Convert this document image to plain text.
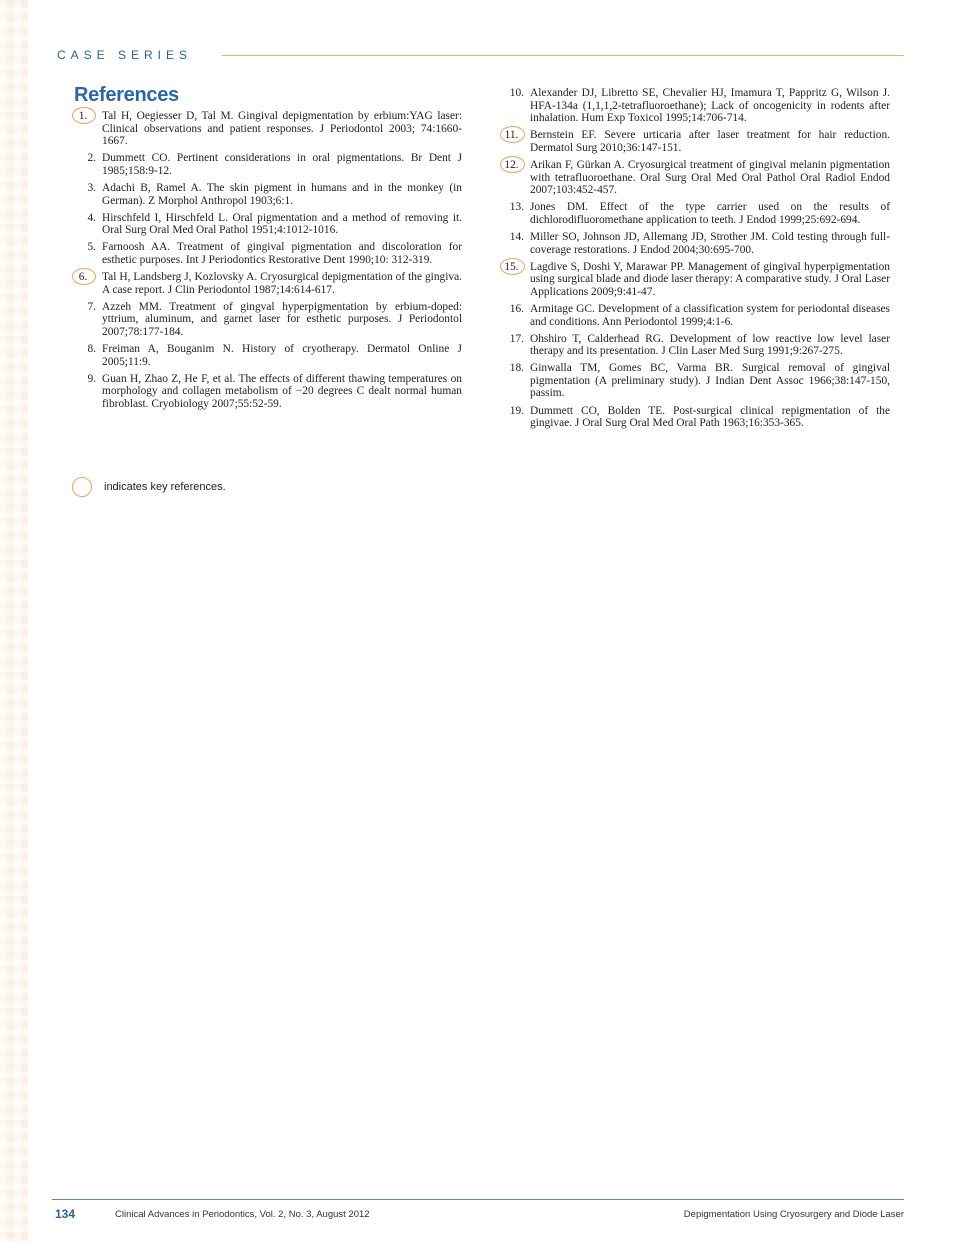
CASE SERIES
References
1.	Tal H, Oegiesser D, Tal M. Gingival depigmentation by erbium:YAG laser: Clinical observations and patient responses. J Periodontol 2003; 74:1660-1667.
2. Dummett CO. Pertinent considerations in oral pigmentations. Br Dent J 1985;158:9-12.
3. Adachi B, Ramel A. The skin pigment in humans and in the monkey (in German). Z Morphol Anthropol 1903;6:1.
4. Hirschfeld I, Hirschfeld L. Oral pigmentation and a method of removing it. Oral Surg Oral Med Oral Pathol 1951;4:1012-1016.
5. Farnoosh AA. Treatment of gingival pigmentation and discoloration for esthetic purposes. Int J Periodontics Restorative Dent 1990;10: 312-319.
6.	Tal H, Landsberg J, Kozlovsky A. Cryosurgical depigmentation of the gingiva. A case report. J Clin Periodontol 1987;14:614-617.
7. Azzeh MM. Treatment of gingval hyperpigmentation by erbium-doped: yttrium, aluminum, and garnet laser for esthetic purposes. J Periodontol 2007;78:177-184.
8. Freiman A, Bouganim N. History of cryotherapy. Dermatol Online J 2005;11:9.
9. Guan H, Zhao Z, He F, et al. The effects of different thawing temperatures on morphology and collagen metabolism of −20 degrees C dealt normal human fibroblast. Cryobiology 2007;55:52-59.
10. Alexander DJ, Libretto SE, Chevalier HJ, Imamura T, Pappritz G, Wilson J. HFA-134a (1,1,1,2-tetrafluoroethane); Lack of oncogenicity in rodents after inhalation. Hum Exp Toxicol 1995;14:706-714.
11.	Bernstein EF. Severe urticaria after laser treatment for hair reduction. Dermatol Surg 2010;36:147-151.
12. Arikan F, Gürkan A. Cryosurgical treatment of gingival melanin pigmentation with tetrafluoroethane. Oral Surg Oral Med Oral Pathol Oral Radiol Endod 2007;103:452-457.
13. Jones DM. Effect of the type carrier used on the results of dichlorodifluoromethane application to teeth. J Endod 1999;25:692-694.
14. Miller SO, Johnson JD, Allemang JD, Strother JM. Cold testing through full-coverage restorations. J Endod 2004;30:695-700.
15. Lagdive S, Doshi Y, Marawar PP. Management of gingival hyperpigmentation using surgical blade and diode laser therapy: A comparative study. J Oral Laser Applications 2009;9:41-47.
16. Armitage GC. Development of a classification system for periodontal diseases and conditions. Ann Periodontol 1999;4:1-6.
17. Ohshiro T, Calderhead RG. Development of low reactive low level laser therapy and its presentation. J Clin Laser Med Surg 1991;9:267-275.
18. Ginwalla TM, Gomes BC, Varma BR. Surgical removal of gingival pigmentation (A preliminary study). J Indian Dent Assoc 1966;38:147-150, passim.
19. Dummett CO, Bolden TE. Post-surgical clinical repigmentation of the gingivae. J Oral Surg Oral Med Oral Path 1963;16:353-365.
indicates key references.
134	Clinical Advances in Periodontics, Vol. 2, No. 3, August 2012	Depigmentation Using Cryosurgery and Diode Laser
